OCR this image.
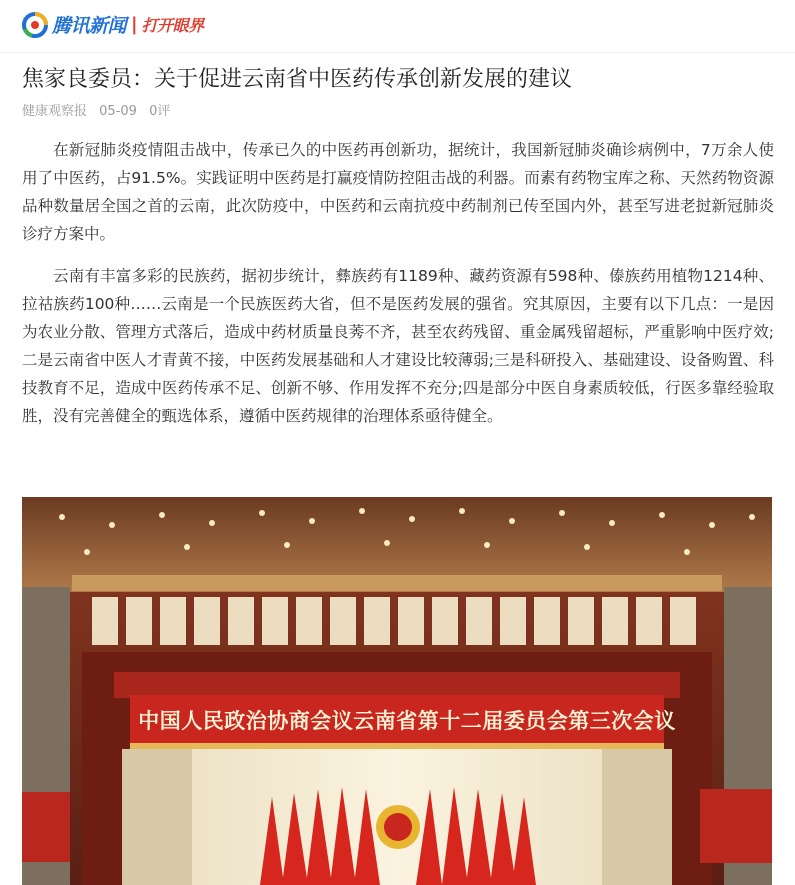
腾讯新闻 | 打开眼界
焦家良委员：关于促进云南省中医药传承创新发展的建议
健康观察报 05-09 0评

在新冠肺炎疫情阻击战中，传承已久的中医药再创新功，据统计，我国新冠肺炎确诊病例中，7万余人使用了中医药，占91.5%。实践证明中医药是打赢疫情防控阻击战的利器。而素有药物宝库之称、天然药物资源品种数量居全国之首的云南，此次防疫中，中医药和云南抗疫中药制剂已传至国内外，甚至写进老挝新冠肺炎诊疗方案中。

云南有丰富多彩的民族药，据初步统计，彝族药有1189种、藏药资源有598种、傣族药用植物1214种、拉祜族药100种……云南是一个民族医药大省，但不是医药发展的强省。究其原因，主要有以下几点：一是因为农业分散、管理方式落后，造成中药材质量良莠不齐，甚至农药残留、重金属残留超标，严重影响中医疗效;二是云南省中医人才青黄不接，中医药发展基础和人才建设比较薄弱;三是科研投入、基础建设、设备购置、科技教育不足，造成中医药传承不足、创新不够、作用发挥不充分;四是部分中医自身素质较低，行医多靠经验取胜，没有完善健全的甄选体系，遵循中医药规律的治理体系亟待健全。

中国人民政治协商会议云南省第十二届委员会第三次会议
